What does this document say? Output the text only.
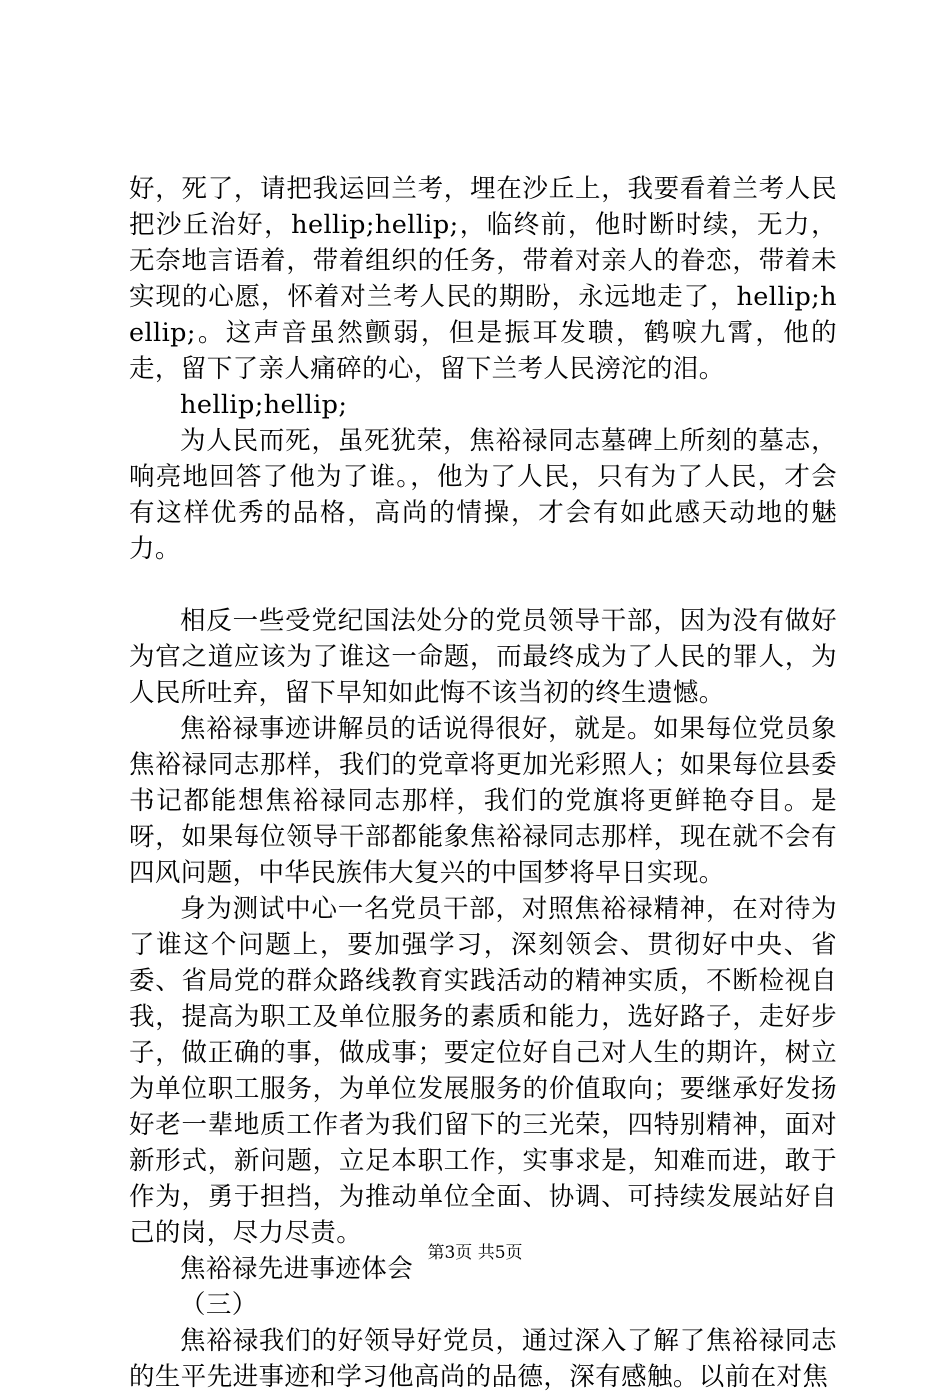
好，死了，请把我运回兰考，埋在沙丘上，我要看着兰考人民把沙丘治好，hellip;hellip;，临终前，他时断时续，无力，无奈地言语着，带着组织的任务，带着对亲人的眷恋，带着未实现的心愿，怀着对兰考人民的期盼，永远地走了，hellip;hellip;。这声音虽然颤弱，但是振耳发聩，鹤唳九霄，他的走，留下了亲人痛碎的心，留下兰考人民滂沱的泪。

hellip;hellip;

为人民而死，虽死犹荣，焦裕禄同志墓碑上所刻的墓志，响亮地回答了他为了谁。，他为了人民，只有为了人民，才会有这样优秀的品格，高尚的情操，才会有如此感天动地的魅力。

相反一些受党纪国法处分的党员领导干部，因为没有做好为官之道应该为了谁这一命题，而最终成为了人民的罪人，为人民所吐弃，留下早知如此悔不该当初的终生遗憾。

焦裕禄事迹讲解员的话说得很好，就是。如果每位党员象焦裕禄同志那样，我们的党章将更加光彩照人；如果每位县委书记都能想焦裕禄同志那样，我们的党旗将更鲜艳夺目。是呀，如果每位领导干部都能象焦裕禄同志那样，现在就不会有四风问题，中华民族伟大复兴的中国梦将早日实现。

身为测试中心一名党员干部，对照焦裕禄精神，在对待为了谁这个问题上，要加强学习，深刻领会、贯彻好中央、省委、省局党的群众路线教育实践活动的精神实质，不断检视自我，提高为职工及单位服务的素质和能力，选好路子，走好步子，做正确的事，做成事；要定位好自己对人生的期许，树立为单位职工服务，为单位发展服务的价值取向；要继承好发扬好老一辈地质工作者为我们留下的三光荣，四特别精神，面对新形式，新问题，立足本职工作，实事求是，知难而进，敢于作为，勇于担挡，为推动单位全面、协调、可持续发展站好自己的岗，尽力尽责。

焦裕禄先进事迹体会

（三）

焦裕禄我们的好领导好党员，通过深入了解了焦裕禄同志的生平先进事迹和学习他高尚的品德，深有感触。以前在对焦

第3页 共5页
